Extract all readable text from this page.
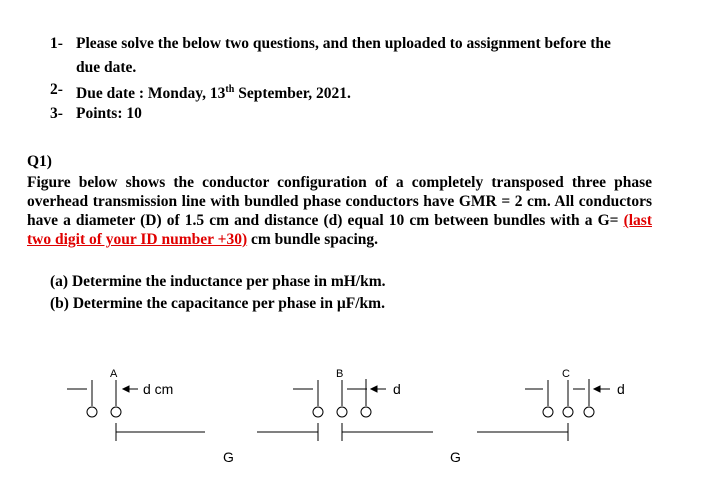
1- Please solve the below two questions, and then uploaded to assignment before the
due date.
2- Due date : Monday, 13th September, 2021.
3- Points: 10
Q1)

Figure below shows the conductor configuration of a completely transposed three phase overhead transmission line with bundled phase conductors have GMR = 2 cm. All conductors have a diameter (D) of 1.5 cm and distance (d) equal 10 cm between bundles with a G= (last two digit of your ID number +30) cm bundle spacing.

(a) Determine the inductance per phase in mH/km.
(b) Determine the capacitance per phase in µF/km.
A
d cm
G
B
d
G
C
d
